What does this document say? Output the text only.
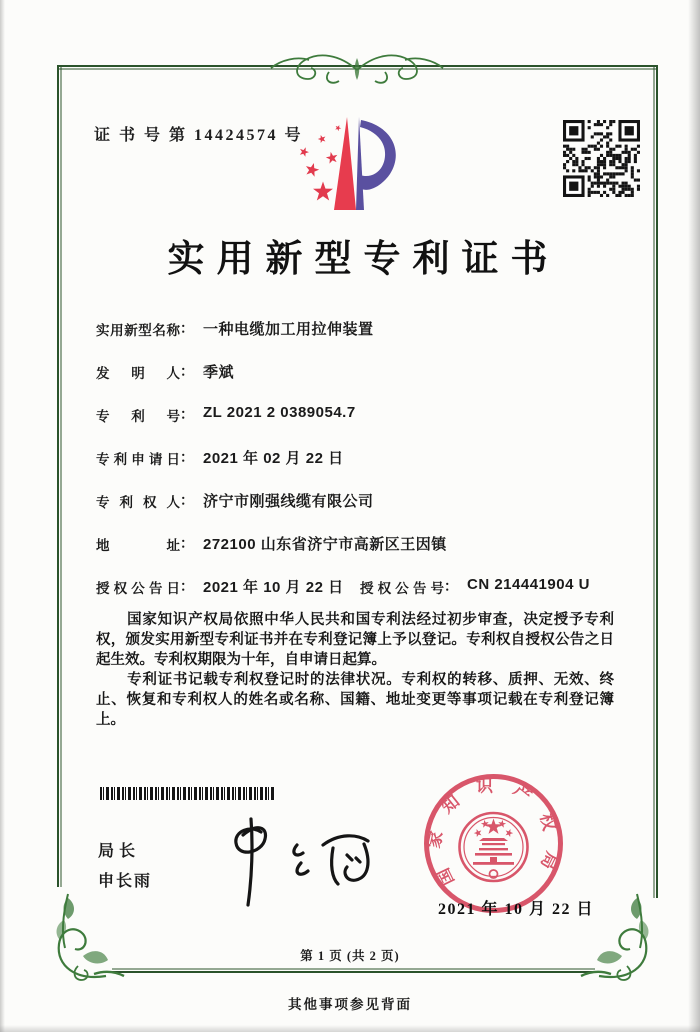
证 书 号 第 14424574 号
实用新型专利证书
实 用 新 型 名 称 ： 一种电缆加工用拉伸装置
发 明 人 ： 季斌
专 利 号 ： ZL 2021 2 0389054.7
专 利 申 请 日 ： 2021 年 02 月 22 日
专 利 权 人 ： 济宁市刚强线缆有限公司
地	址 ： 272100 山东省济宁市高新区王因镇
授 权 公 告 日 ： 2021 年 10 月 22 日 授 权 公 告 号 ： CN 214441904 U

国家知识产权局依照中华人民共和国专利法经过初步审查，决定授予专利权，颁发实用新型专利证书并在专利登记簿上予以登记。专利权自授权公告之日起生效。专利权期限为十年，自申请日起算。

专利证书记载专利权登记时的法律状况。专利权的转移、质押、无效、终止、恢复和专利权人的姓名或名称、国籍、地址变更等事项记载在专利登记簿上。

局长
申长雨	国家知识产权局
2021 年 10 月 22 日
第 1 页 (共 2 页)
其他事项参见背面
